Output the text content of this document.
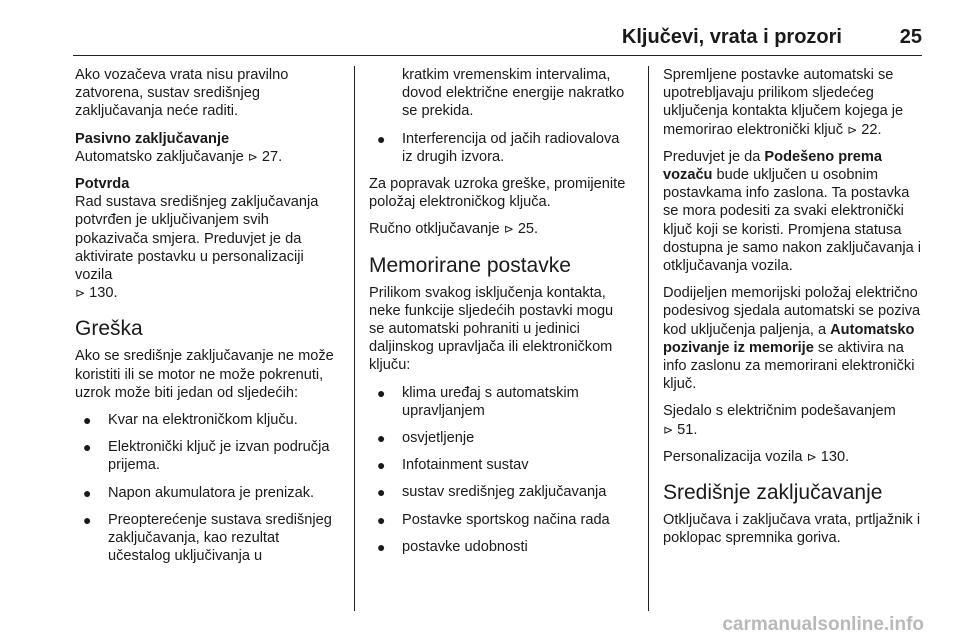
Ključevi, vrata i prozori	25

Ako vozačeva vrata nisu pravilno zatvorena, sustav središnjeg zaključavanja neće raditi.

Pasivno zaključavanje

Automatsko zaključavanje ⊳ 27.

Potvrda

Rad sustava središnjeg zaključavanja potvrđen je uključivanjem svih pokazivača smjera. Preduvjet je da aktivirate postavku u personalizaciji vozila
⊳ 130.

Greška

Ako se središnje zaključavanje ne može koristiti ili se motor ne može pokrenuti, uzrok može biti jedan od sljedećih:

● Kvar na elektroničkom ključu.
● Elektronički ključ je izvan područja prijema.
● Napon akumulatora je prenizak.
● Preopterećenje sustava središnjeg zaključavanja, kao rezultat učestalog uključivanja u
kratkim vremenskim intervalima, dovod električne energije nakratko se prekida.
● Interferencija od jačih radiovalova iz drugih izvora.

Za popravak uzroka greške, promijenite položaj elektroničkog ključa.

Ručno otključavanje ⊳ 25.

Memorirane postavke

Prilikom svakog isključenja kontakta, neke funkcije sljedećih postavki mogu se automatski pohraniti u jedinici daljinskog upravljača ili elektroničkom ključu:

● klima uređaj s automatskim upravljanjem
● osvjetljenje
● Infotainment sustav
● sustav središnjeg zaključavanja
● Postavke sportskog načina rada
● postavke udobnosti

Spremljene postavke automatski se upotrebljavaju prilikom sljedećeg uključenja kontakta ključem kojega je memorirao elektronički ključ ⊳ 22.

Preduvjet je da Podešeno prema vozaču bude uključen u osobnim postavkama info zaslona. Ta postavka se mora podesiti za svaki elektronički ključ koji se koristi. Promjena statusa dostupna je samo nakon zaključavanja i otključavanja vozila.

Dodijeljen memorijski položaj električno podesivog sjedala automatski se poziva kod uključenja paljenja, a Automatsko pozivanje iz memorije se aktivira na info zaslonu za memorirani elektronički ključ.

Sjedalo s električnim podešavanjem
⊳ 51.

Personalizacija vozila ⊳ 130.

Središnje zaključavanje

Otključava i zaključava vrata, prtljažnik i poklopac spremnika goriva.

carmanualsonline.info
